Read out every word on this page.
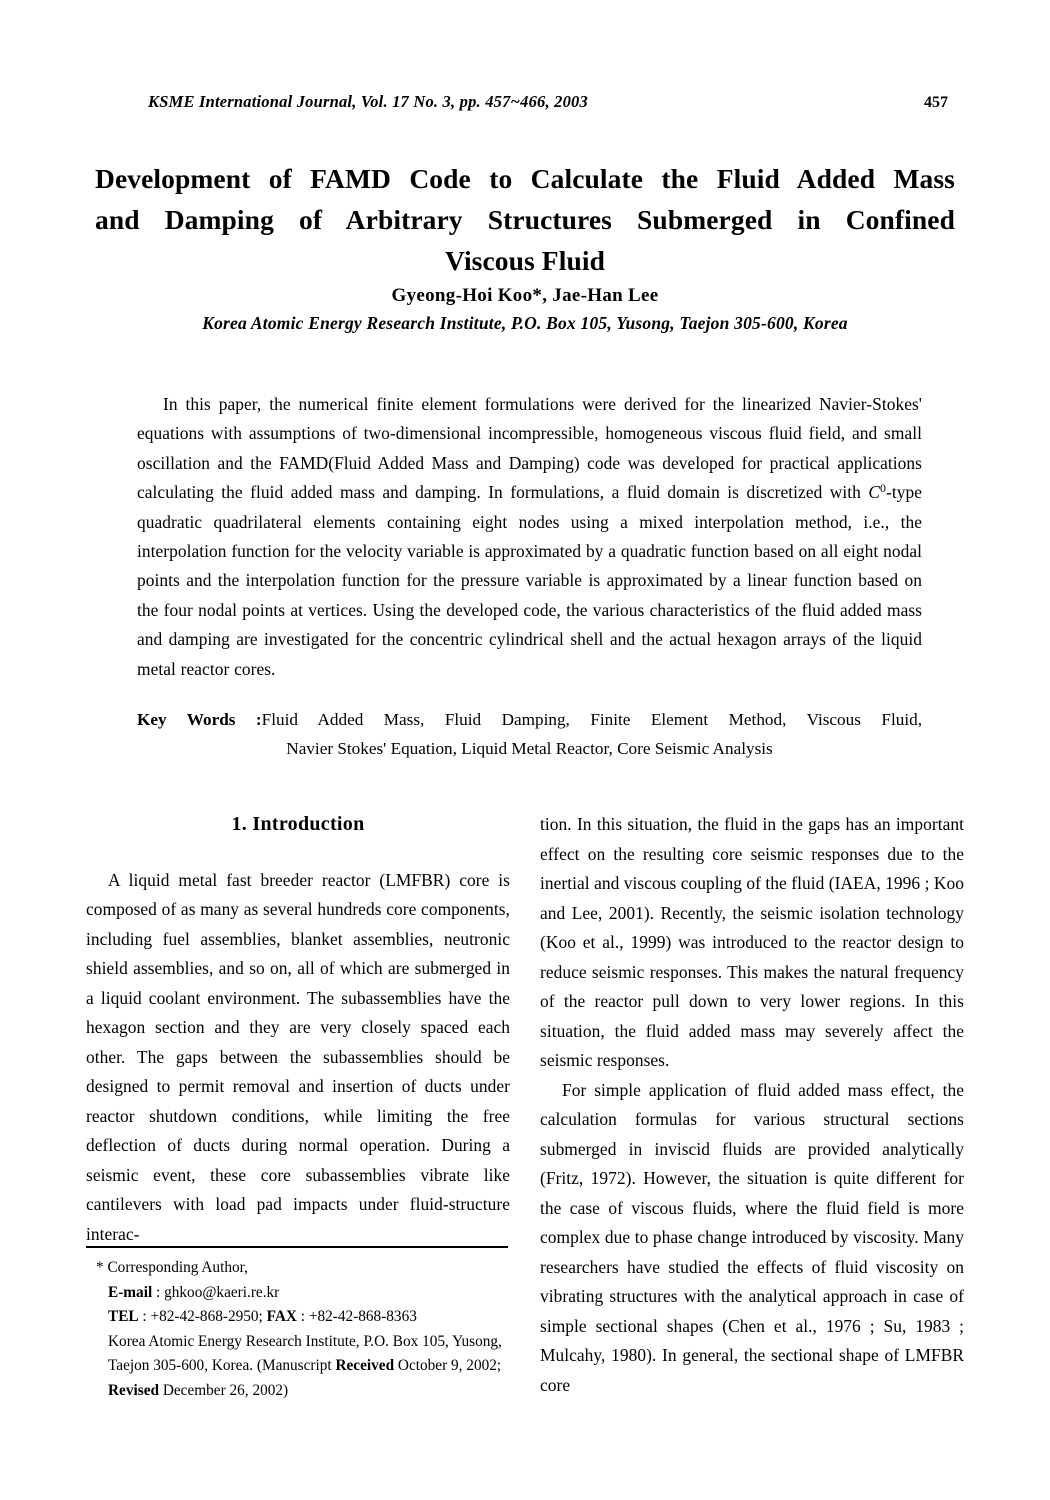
KSME International Journal, Vol. 17 No. 3, pp. 457~466, 2003	457
Development of FAMD Code to Calculate the Fluid Added Mass
and Damping of Arbitrary Structures Submerged in Confined
Viscous Fluid
Gyeong-Hoi Koo*, Jae-Han Lee
Korea Atomic Energy Research Institute, P.O. Box 105, Yusong, Taejon 305-600, Korea
In this paper, the numerical finite element formulations were derived for the linearized Navier-Stokes' equations with assumptions of two-dimensional incompressible, homogeneous viscous fluid field, and small oscillation and the FAMD(Fluid Added Mass and Damping) code was developed for practical applications calculating the fluid added mass and damping. In formulations, a fluid domain is discretized with $C^0$-type quadratic quadrilateral elements containing eight nodes using a mixed interpolation method, i.e., the interpolation function for the velocity variable is approximated by a quadratic function based on all eight nodal points and the interpolation function for the pressure variable is approximated by a linear function based on the four nodal points at vertices. Using the developed code, the various characteristics of the fluid added mass and damping are investigated for the concentric cylindrical shell and the actual hexagon arrays of the liquid metal reactor cores.
Key Words :Fluid Added Mass, Fluid Damping, Finite Element Method, Viscous Fluid,
Navier Stokes' Equation, Liquid Metal Reactor, Core Seismic Analysis
1. Introduction

A liquid metal fast breeder reactor (LMFBR) core is composed of as many as several hundreds core components, including fuel assemblies, blanket assemblies, neutronic shield assemblies, and so on, all of which are submerged in a liquid coolant environment. The subassemblies have the hexagon section and they are very closely spaced each other. The gaps between the subassemblies should be designed to permit removal and insertion of ducts under reactor shutdown conditions, while limiting the free deflection of ducts during normal operation. During a seismic event, these core subassemblies vibrate like cantilevers with load pad impacts under fluid-structure interac-

tion. In this situation, the fluid in the gaps has an important effect on the resulting core seismic responses due to the inertial and viscous coupling of the fluid (IAEA, 1996 ; Koo and Lee, 2001). Recently, the seismic isolation technology (Koo et al., 1999) was introduced to the reactor design to reduce seismic responses. This makes the natural frequency of the reactor pull down to very lower regions. In this situation, the fluid added mass may severely affect the seismic responses.

For simple application of fluid added mass effect, the calculation formulas for various structural sections submerged in inviscid fluids are provided analytically (Fritz, 1972). However, the situation is quite different for the case of viscous fluids, where the fluid field is more complex due to phase change introduced by viscosity. Many researchers have studied the effects of fluid viscosity on vibrating structures with the analytical approach in case of simple sectional shapes (Chen et al., 1976 ; Su, 1983 ; Mulcahy, 1980). In general, the sectional shape of LMFBR core

* Corresponding Author,
E-mail : ghkoo@kaeri.re.kr
TEL : +82-42-868-2950; FAX : +82-42-868-8363
Korea Atomic Energy Research Institute, P.O. Box 105, Yusong, Taejon 305-600, Korea. (Manuscript Received October 9, 2002; Revised December 26, 2002)
